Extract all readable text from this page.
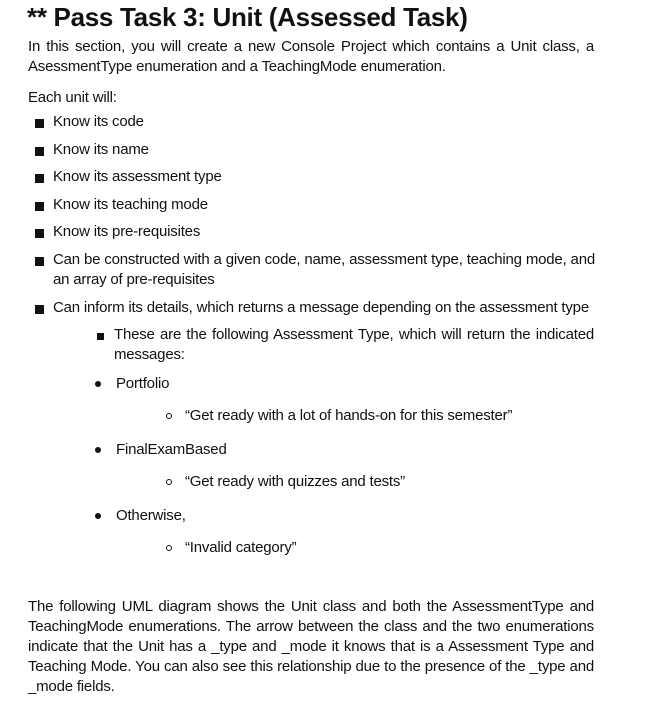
** Pass Task 3: Unit (Assessed Task)
In this section, you will create a new Console Project which contains a Unit class, a AsessmentType enumeration and a TeachingMode enumeration.
Each unit will:
Know its code
Know its name
Know its assessment type
Know its teaching mode
Know its pre-requisites
Can be constructed with a given code, name, assessment type, teaching mode, and an array of pre-requisites
Can inform its details, which returns a message depending on the assessment type
These are the following Assessment Type, which will return the indicated messages:
Portfolio
“Get ready with a lot of hands-on for this semester”
FinalExamBased
“Get ready with quizzes and tests”
Otherwise,
“Invalid category”
The following UML diagram shows the Unit class and both the AssessmentType and TeachingMode enumerations. The arrow between the class and the two enumerations indicate that the Unit has a _type and _mode it knows that is a Assessment Type and Teaching Mode. You can also see this relationship due to the presence of the _type and _mode fields.
